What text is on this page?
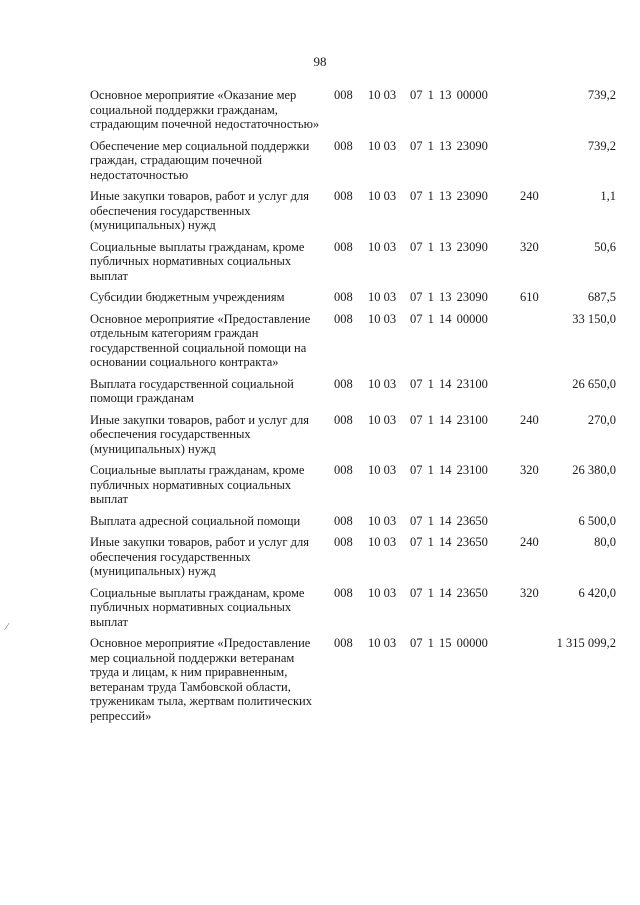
98
Основное мероприятие «Оказание мер социальной поддержки гражданам, страдающим почечной недостаточностью»	008	10 03	07 1 13 00000		739,2
Обеспечение мер социальной поддержки граждан, страдающим почечной недостаточностью	008	10 03	07 1 13 23090		739,2
Иные закупки товаров, работ и услуг для обеспечения государственных (муниципальных) нужд	008	10 03	07 1 13 23090	240	1,1
Социальные выплаты гражданам, кроме публичных нормативных социальных выплат	008	10 03	07 1 13 23090	320	50,6
Субсидии бюджетным учреждениям	008	10 03	07 1 13 23090	610	687,5
Основное мероприятие «Предоставление отдельным категориям граждан государственной социальной помощи на основании социального контракта»	008	10 03	07 1 14 00000		33 150,0
Выплата государственной социальной помощи гражданам	008	10 03	07 1 14 23100		26 650,0
Иные закупки товаров, работ и услуг для обеспечения государственных (муниципальных) нужд	008	10 03	07 1 14 23100	240	270,0
Социальные выплаты гражданам, кроме публичных нормативных социальных выплат	008	10 03	07 1 14 23100	320	26 380,0
Выплата адресной социальной помощи	008	10 03	07 1 14 23650		6 500,0
Иные закупки товаров, работ и услуг для обеспечения государственных (муниципальных) нужд	008	10 03	07 1 14 23650	240	80,0
Социальные выплаты гражданам, кроме публичных нормативных социальных выплат	008	10 03	07 1 14 23650	320	6 420,0
Основное мероприятие «Предоставление мер социальной поддержки ветеранам труда и лицам, к ним приравненным, ветеранам труда Тамбовской области, труженикам тыла, жертвам политических репрессий»	008	10 03	07 1 15 00000		1 315 099,2
⁄
